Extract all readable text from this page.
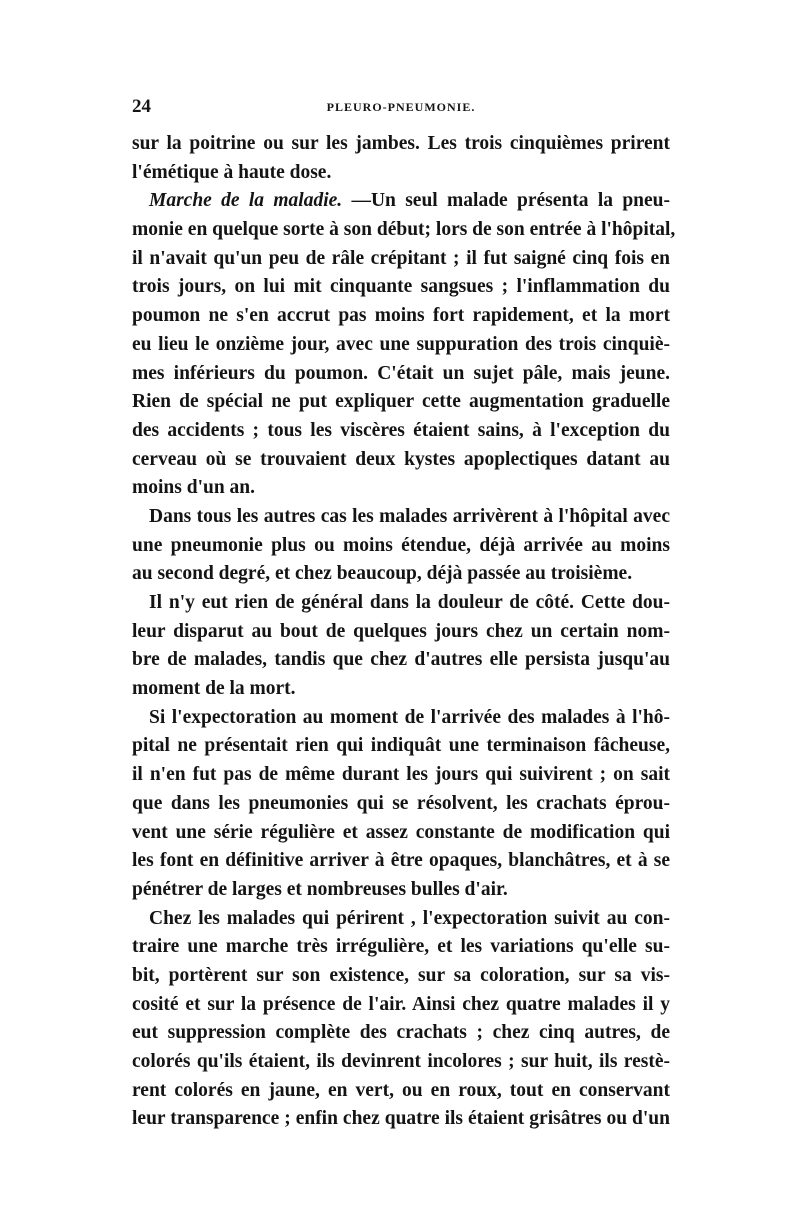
24	PLEURO-PNEUMONIE.
sur la poitrine ou sur les jambes. Les trois cinquièmes prirent
l'émétique à haute dose.
Marche de la maladie. —Un seul malade présenta la pneu-
monie en quelque sorte à son début; lors de son entrée à l'hôpital,
il n'avait qu'un peu de râle crépitant ; il fut saigné cinq fois en
trois jours, on lui mit cinquante sangsues ; l'inflammation du
poumon ne s'en accrut pas moins fort rapidement, et la mort
eu lieu le onzième jour, avec une suppuration des trois cinquiè-
mes inférieurs du poumon. C'était un sujet pâle, mais jeune.
Rien de spécial ne put expliquer cette augmentation graduelle
des accidents ; tous les viscères étaient sains, à l'exception du
cerveau où se trouvaient deux kystes apoplectiques datant au
moins d'un an.
Dans tous les autres cas les malades arrivèrent à l'hôpital avec
une pneumonie plus ou moins étendue, déjà arrivée au moins
au second degré, et chez beaucoup, déjà passée au troisième.
Il n'y eut rien de général dans la douleur de côté. Cette dou-
leur disparut au bout de quelques jours chez un certain nom-
bre de malades, tandis que chez d'autres elle persista jusqu'au
moment de la mort.
Si l'expectoration au moment de l'arrivée des malades à l'hô-
pital ne présentait rien qui indiquât une terminaison fâcheuse,
il n'en fut pas de même durant les jours qui suivirent ; on sait
que dans les pneumonies qui se résolvent, les crachats éprou-
vent une série régulière et assez constante de modification qui
les font en définitive arriver à être opaques, blanchâtres, et à se
pénétrer de larges et nombreuses bulles d'air.
Chez les malades qui périrent , l'expectoration suivit au con-
traire une marche très irrégulière, et les variations qu'elle su-
bit, portèrent sur son existence, sur sa coloration, sur sa vis-
cosité et sur la présence de l'air. Ainsi chez quatre malades il y
eut suppression complète des crachats ; chez cinq autres, de
colorés qu'ils étaient, ils devinrent incolores ; sur huit, ils restè-
rent colorés en jaune, en vert, ou en roux, tout en conservant
leur transparence ; enfin chez quatre ils étaient grisâtres ou d'un
